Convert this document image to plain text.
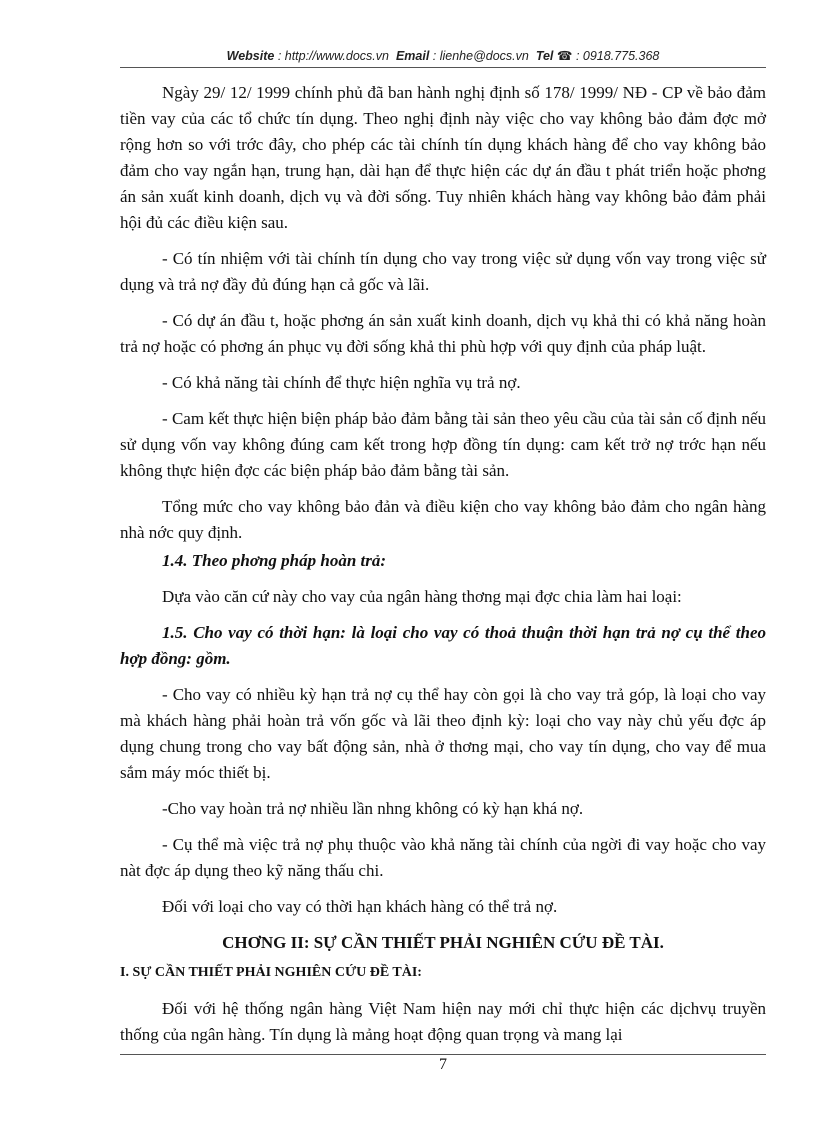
Website : http://www.docs.vn Email : lienhe@docs.vn Tel ☎ : 0918.775.368

Ngày 29/ 12/ 1999 chính phủ đã ban hành nghị định số 178/ 1999/ NĐ - CP về bảo đảm tiền vay của các tổ chức tín dụng. Theo nghị định này việc cho vay không bảo đảm đợc mở rộng hơn so với trớc đây, cho phép các tài chính tín dụng khách hàng để cho vay không bảo đảm cho vay ngắn hạn, trung hạn, dài hạn để thực hiện các dự án đầu t phát triển hoặc phơng án sản xuất kinh doanh, dịch vụ và đời sống. Tuy nhiên khách hàng vay không bảo đảm phải hội đủ các điều kiện sau.

- Có tín nhiệm với tài chính tín dụng cho vay trong việc sử dụng vốn vay trong việc sử dụng và trả nợ đầy đủ đúng hạn cả gốc và lãi.

- Có dự án đầu t, hoặc phơng án sản xuất kinh doanh, dịch vụ khả thi có khả năng hoàn trả nợ hoặc có phơng án phục vụ đời sống khả thi phù hợp với quy định của pháp luật.

- Có khả năng tài chính để thực hiện nghĩa vụ trả nợ.

- Cam kết thực hiện biện pháp bảo đảm bằng tài sản theo yêu cầu của tài sản cố định nếu sử dụng vốn vay không đúng cam kết trong hợp đồng tín dụng: cam kết trở nợ trớc hạn nếu không thực hiện đợc các biện pháp bảo đảm bằng tài sản.

Tổng mức cho vay không bảo đản và điều kiện cho vay không bảo đảm cho ngân hàng nhà nớc quy định.

1.4. Theo phơng pháp hoàn trả:

Dựa vào căn cứ này cho vay của ngân hàng thơng mại đợc chia làm hai loại:

1.5. Cho vay có thời hạn: là loại cho vay có thoả thuận thời hạn trả nợ cụ thể theo hợp đồng: gồm.

- Cho vay có nhiều kỳ hạn trả nợ cụ thể hay còn gọi là cho vay trả góp, là loại cho vay mà khách hàng phải hoàn trả vốn gốc và lãi theo định kỳ: loại cho vay này chủ yếu đợc áp dụng chung trong cho vay bất động sản, nhà ở thơng mại, cho vay tín dụng, cho vay để mua sắm máy móc thiết bị.

-Cho vay hoàn trả nợ nhiều lần nhng không có kỳ hạn khá nợ.

- Cụ thể mà việc trả nợ phụ thuộc vào khả năng tài chính của ngời đi vay hoặc cho vay nàt đợc áp dụng theo kỹ năng thấu chi.

Đối với loại cho vay có thời hạn khách hàng có thể trả nợ.

CHƠNG II: SỰ CẦN THIẾT PHẢI NGHIÊN CỨU ĐỀ TÀI.

I. SỰ CẦN THIẾT PHẢI NGHIÊN CỨU ĐỀ TÀI:

Đối với hệ thống ngân hàng Việt Nam hiện nay mới chỉ thực hiện các dịchvụ truyền thống của ngân hàng. Tín dụng là mảng hoạt động quan trọng và mang lại

7
